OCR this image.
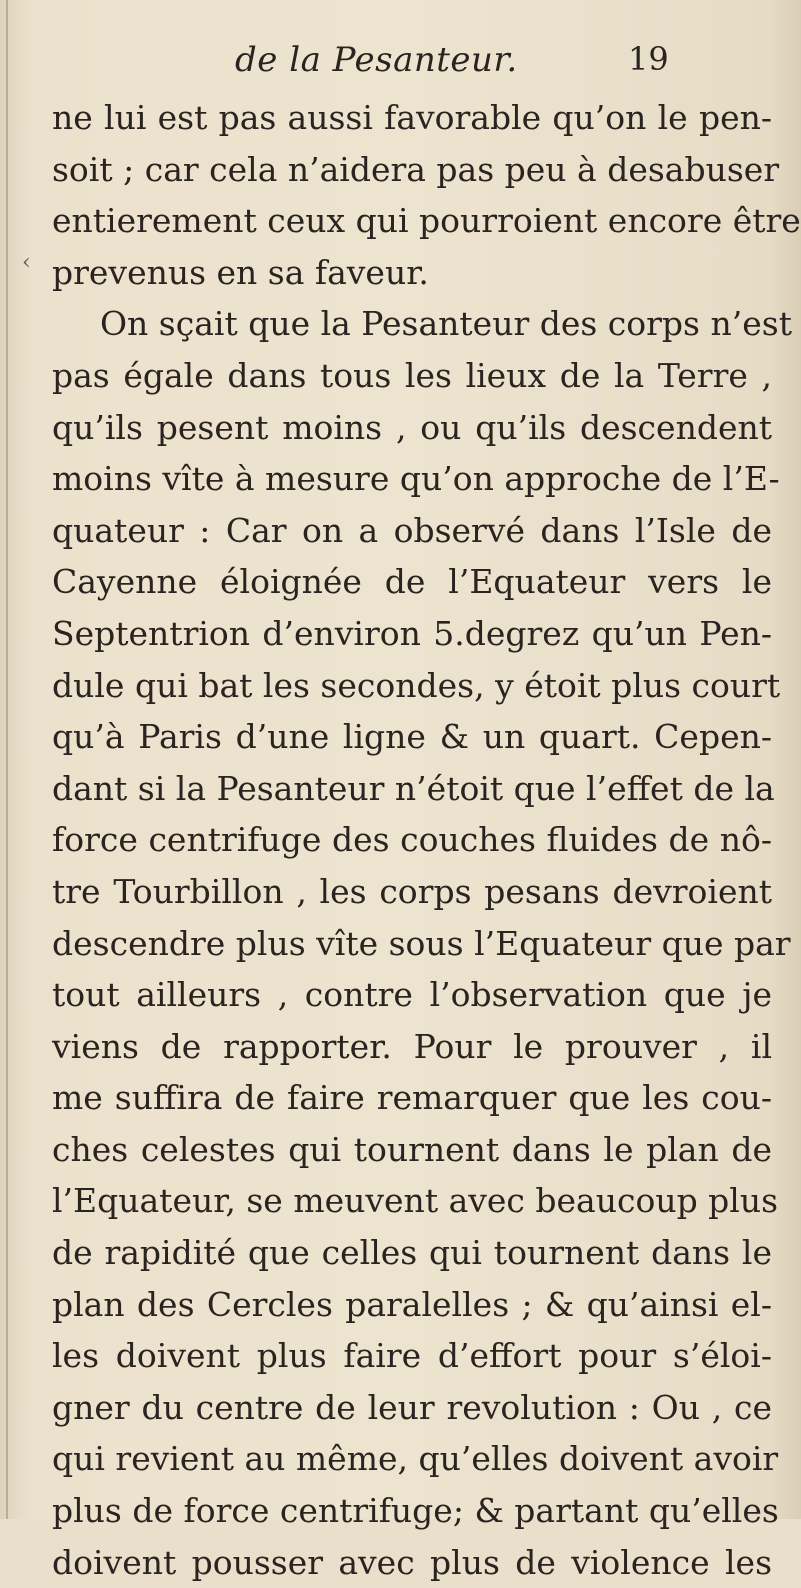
de la Pesanteur.	19
‹
ne lui est pas aussi favorable qu’on le pen-
soit ; car cela n’aidera pas peu à desabuser
entierement ceux qui pourroient encore être
prevenus en sa faveur.
On sçait que la Pesanteur des corps n’est
pas égale dans tous les lieux de la Terre ,
qu’ils pesent moins , ou qu’ils descendent
moins vîte à mesure qu’on approche de l’E-
quateur : Car on a observé dans l’Isle de
Cayenne éloignée de l’Equateur vers le
Septentrion d’environ 5.degrez qu’un Pen-
dule qui bat les secondes, y étoit plus court
qu’à Paris d’une ligne & un quart. Cepen-
dant si la Pesanteur n’étoit que l’effet de la
force centrifuge des couches fluides de nô-
tre Tourbillon , les corps pesans devroient
descendre plus vîte sous l’Equateur que par
tout ailleurs , contre l’observation que je
viens de rapporter. Pour le prouver , il
me suffira de faire remarquer que les cou-
ches celestes qui tournent dans le plan de
l’Equateur, se meuvent avec beaucoup plus
de rapidité que celles qui tournent dans le
plan des Cercles paralelles ; & qu’ainsi el-
les doivent plus faire d’effort pour s’éloi-
gner du centre de leur revolution : Ou , ce
qui revient au même, qu’elles doivent avoir
plus de force centrifuge; & partant qu’elles
doivent pousser avec plus de violence les
